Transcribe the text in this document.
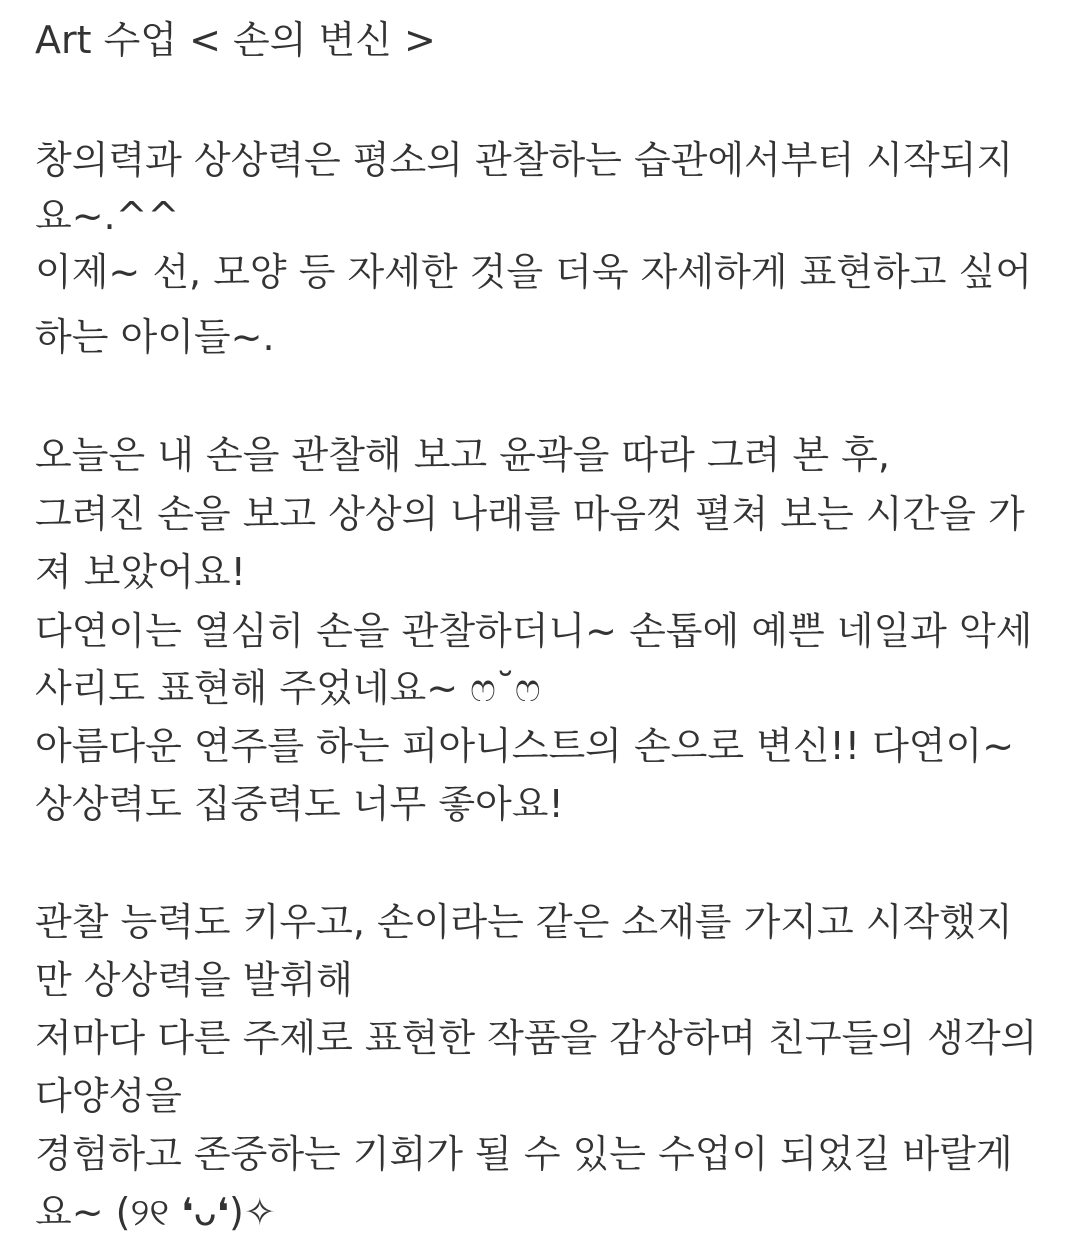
Art 수업 < 손의 변신 >
창의력과 상상력은 평소의 관찰하는 습관에서부터 시작되지
요~.^^
이제~ 선, 모양 등 자세한 것을 더욱 자세하게 표현하고 싶어
하는 아이들~.
오늘은 내 손을 관찰해 보고 윤곽을 따라 그려 본 후,
그려진 손을 보고 상상의 나래를 마음껏 펼쳐 보는 시간을 가
져 보았어요!
다연이는 열심히 손을 관찰하더니~ 손톱에 예쁜 네일과 악세
사리도 표현해 주었네요~ ෆ˘ෆ
아름다운 연주를 하는 피아니스트의 손으로 변신!! 다연이~
상상력도 집중력도 너무 좋아요!
관찰 능력도 키우고, 손이라는 같은 소재를 가지고 시작했지
만 상상력을 발휘해
저마다 다른 주제로 표현한 작품을 감상하며 친구들의 생각의
다양성을
경험하고 존중하는 기회가 될 수 있는 수업이 되었길 바랄게
요~ (୨୧ ❛ᴗ❛)✧
